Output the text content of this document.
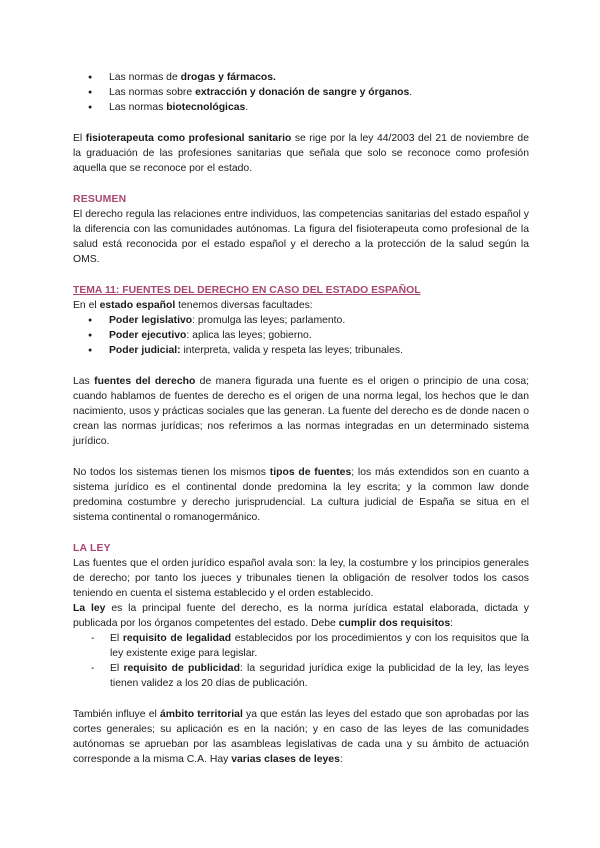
● Las normas de drogas y fármacos.
● Las normas sobre extracción y donación de sangre y órganos.
● Las normas biotecnológicas.

El fisioterapeuta como profesional sanitario se rige por la ley 44/2003 del 21 de noviembre de la graduación de las profesiones sanitarias que señala que solo se reconoce como profesión aquella que se reconoce por el estado.

RESUMEN

El derecho regula las relaciones entre individuos, las competencias sanitarias del estado español y la diferencia con las comunidades autónomas. La figura del fisioterapeuta como profesional de la salud está reconocida por el estado español y el derecho a la protección de la salud según la OMS.

TEMA 11: FUENTES DEL DERECHO EN CASO DEL ESTADO ESPAÑOL

En el estado español tenemos diversas facultades:

● Poder legislativo: promulga las leyes; parlamento.
● Poder ejecutivo: aplica las leyes; gobierno.
● Poder judicial: interpreta, valida y respeta las leyes; tribunales.

Las fuentes del derecho de manera figurada una fuente es el origen o principio de una cosa; cuando hablamos de fuentes de derecho es el origen de una norma legal, los hechos que le dan nacimiento, usos y prácticas sociales que las generan. La fuente del derecho es de donde nacen o crean las normas jurídicas; nos referimos a las normas integradas en un determinado sistema jurídico.

No todos los sistemas tienen los mismos tipos de fuentes; los más extendidos son en cuanto a sistema jurídico es el continental donde predomina la ley escrita; y la common law donde predomina costumbre y derecho jurisprudencial. La cultura judicial de España se situa en el sistema continental o romanogermánico.

LA LEY

Las fuentes que el orden jurídico español avala son: la ley, la costumbre y los principios generales de derecho; por tanto los jueces y tribunales tienen la obligación de resolver todos los casos teniendo en cuenta el sistema establecido y el orden establecido.

La ley es la principal fuente del derecho, es la norma jurídica estatal elaborada, dictada y publicada por los órganos competentes del estado. Debe cumplir dos requisitos:

- El requisito de legalidad establecidos por los procedimientos y con los requisitos que la ley existente exige para legislar.
- El requisito de publicidad: la seguridad jurídica exige la publicidad de la ley, las leyes tienen validez a los 20 días de publicación.

También influye el ámbito territorial ya que están las leyes del estado que son aprobadas por las cortes generales; su aplicación es en la nación; y en caso de las leyes de las comunidades autónomas se aprueban por las asambleas legislativas de cada una y su ámbito de actuación corresponde a la misma C.A. Hay varias clases de leyes:
